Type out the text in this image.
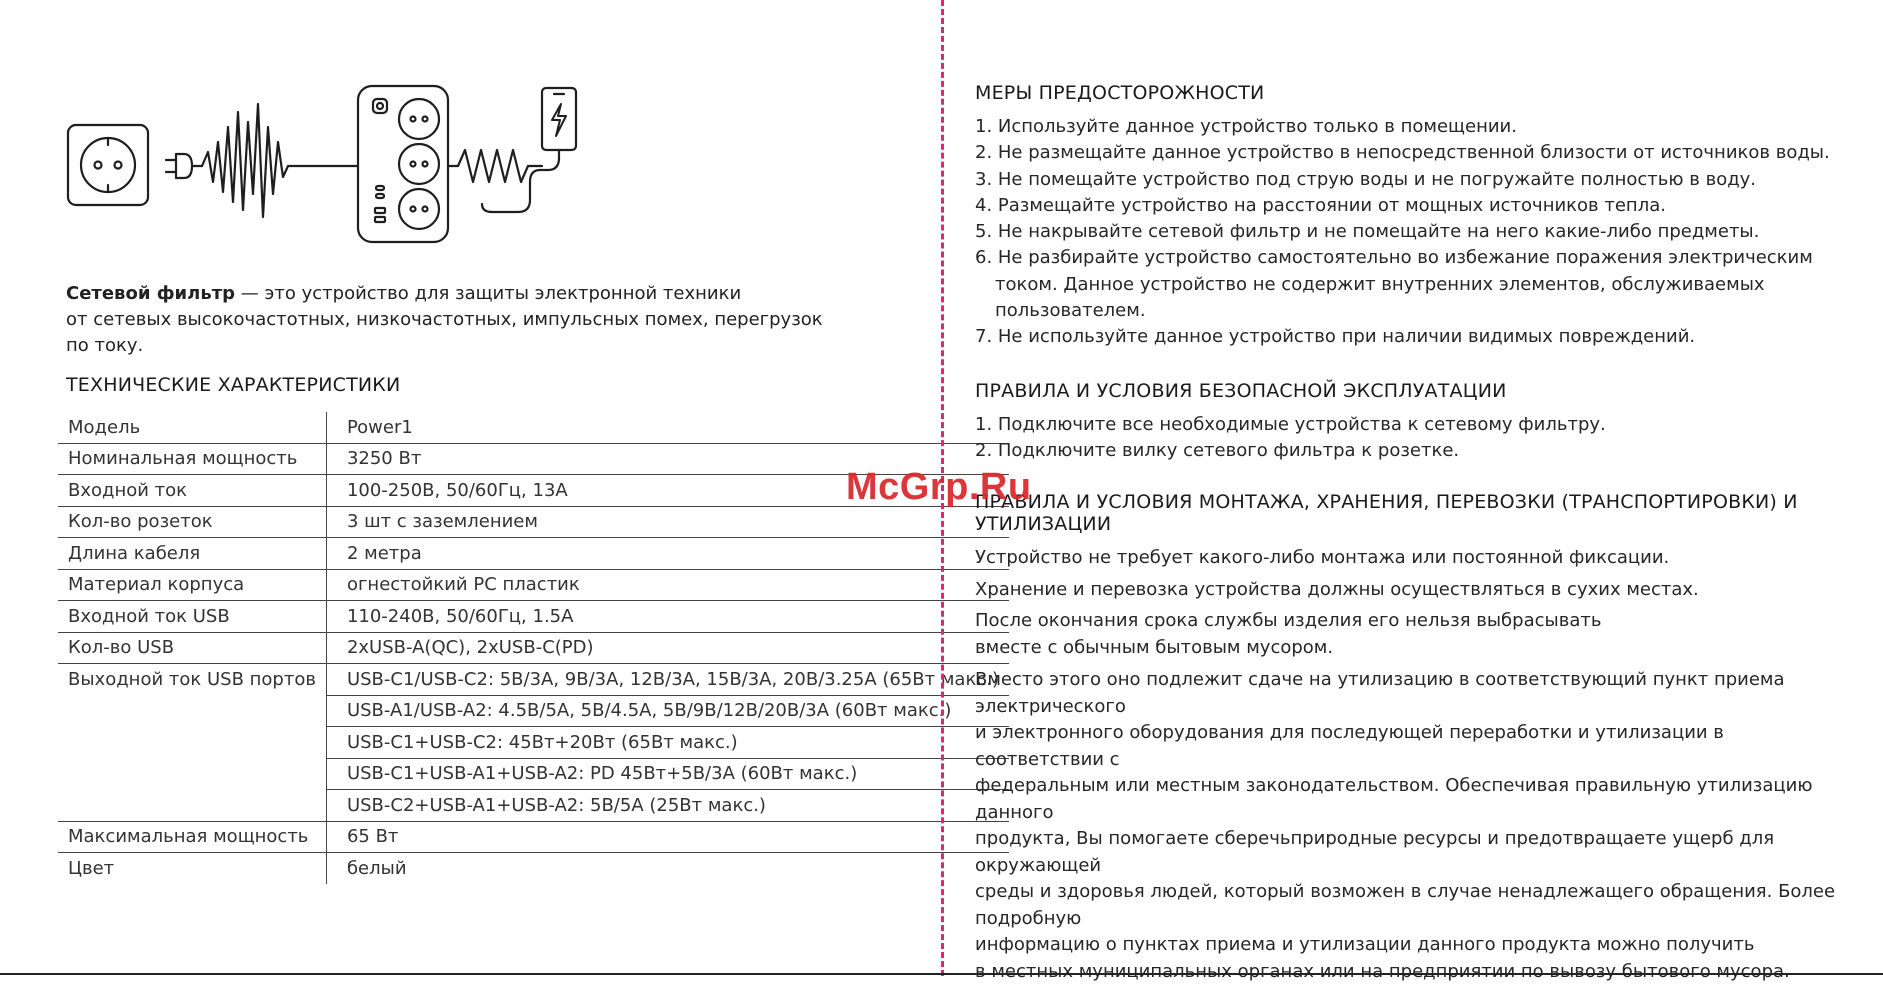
Сетевой фильтр — это устройство для защиты электронной техники
от сетевых высокочастотных, низкочастотных, импульсных помех, перегрузок по току.
ТЕХНИЧЕСКИЕ ХАРАКТЕРИСТИКИ
Модель	Power1
Номинальная мощность	3250 Вт
Входной ток	100-250В, 50/60Гц, 13А
Кол-во розеток	3 шт с заземлением
Длина кабеля	2 метра
Материал корпуса	огнестойкий PC пластик
Входной ток USB	110-240В, 50/60Гц, 1.5А
Кол-во USB	2xUSB-A(QC), 2xUSB-C(PD)
Выходной ток USB портов	USB-C1/USB-C2: 5В/3А, 9В/3А, 12В/3А, 15В/3А, 20В/3.25А (65Вт макс.)
	USB-A1/USB-A2: 4.5В/5А, 5В/4.5А, 5В/9В/12В/20В/3А (60Вт макс.)
	USB-C1+USB-C2: 45Вт+20Вт (65Вт макс.)
	USB-C1+USB-A1+USB-A2: PD 45Вт+5В/3А (60Вт макс.)
	USB-C2+USB-A1+USB-A2: 5В/5А (25Вт макс.)
Максимальная мощность	65 Вт
Цвет	белый
МЕРЫ ПРЕДОСТОРОЖНОСТИ
1. Используйте данное устройство только в помещении.
2. Не размещайте данное устройство в непосредственной близости от источников воды.
3. Не помещайте устройство под струю воды и не погружайте полностью в воду.
4. Размещайте устройство на расстоянии от мощных источников тепла.
5. Не накрывайте сетевой фильтр и не помещайте на него какие-либо предметы.
6. Не разбирайте устройство самостоятельно во избежание поражения электрическим
током. Данное устройство не содержит внутренних элементов, обслуживаемых
пользователем.
7. Не используйте данное устройство при наличии видимых повреждений.
ПРАВИЛА И УСЛОВИЯ БЕЗОПАСНОЙ ЭКСПЛУАТАЦИИ
1. Подключите все необходимые устройства к сетевому фильтру.
2. Подключите вилку сетевого фильтра к розетке.
ПРАВИЛА И УСЛОВИЯ МОНТАЖА, ХРАНЕНИЯ, ПЕРЕВОЗКИ (ТРАНСПОРТИРОВКИ) И УТИЛИЗАЦИИ
Устройство не требует какого-либо монтажа или постоянной фиксации.
Хранение и перевозка устройства должны осуществляться в сухих местах.
После окончания срока службы изделия его нельзя выбрасывать
вместе с обычным бытовым мусором.
Вместо этого оно подлежит сдаче на утилизацию в соответствующий пункт приема электрического
и электронного оборудования для последующей переработки и утилизации в соответствии с
федеральным или местным законодательством. Обеспечивая правильную утилизацию данного
продукта, Вы помогаете сберечьприродные ресурсы и предотвращаете ущерб для окружающей
среды и здоровья людей, который возможен в случае ненадлежащего обращения. Более подробную
информацию о пунктах приема и утилизации данного продукта можно получить
в местных муниципальных органах или на предприятии по вывозу бытового мусора.
McGrp.Ru
